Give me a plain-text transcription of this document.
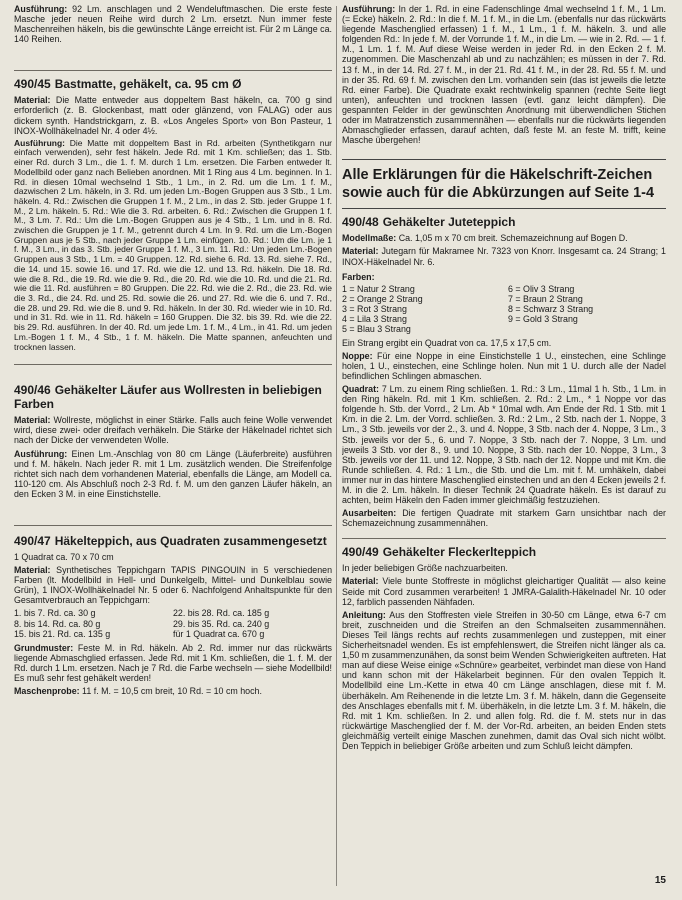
Ausführung: 92 Lm. anschlagen und 2 Wendeluftmaschen. Die erste feste Masche jeder neuen Reihe wird durch 2 Lm. ersetzt. Nun immer feste Maschenreihen häkeln, bis die gewünschte Länge erreicht ist. Für 2 m Länge ca. 140 Reihen.

490/45 Bastmatte, gehäkelt, ca. 95 cm Ø

Material: Die Matte entweder aus doppeltem Bast häkeln, ca. 700 g sind erforderlich (z. B. Glockenbast, matt oder glänzend, von FALAG) oder aus dickem synth. Handstrickgarn, z. B. «Los Angeles Sport» von Bon Pasteur, 1 INOX-Wollhäkelnadel Nr. 4 oder 4½.

Ausführung: Die Matte mit doppeltem Bast in Rd. arbeiten (Synthetikgarn nur einfach verwenden), sehr fest häkeln. Jede Rd. mit 1 Km. schließen; das 1. Stb. einer Rd. durch 3 Lm., die 1. f. M. durch 1 Lm. ersetzen. Die Farben entweder lt. Modellbild oder ganz nach Belieben anordnen. Mit 1 Ring aus 4 Lm. beginnen. In 1. Rd. in diesen 10mal wechselnd 1 Stb., 1 Lm., in 2. Rd. um die Lm. 1 f. M., dazwischen 2 Lm. häkeln, in 3. Rd. um jeden Lm.-Bogen Gruppen aus 3 Stb., 1 Lm. häkeln. 4. Rd.: Zwischen die Gruppen 1 f. M., 2 Lm., in das 2. Stb. jeder Gruppe 1 f. M., 2 Lm. häkeln. 5. Rd.: Wie die 3. Rd. arbeiten. 6. Rd.: Zwischen die Gruppen 1 f. M., 3 Lm. 7. Rd.: Um die Lm.-Bogen Gruppen aus je 4 Stb., 1 Lm. und in 8. Rd. zwischen die Gruppen je 1 f. M., getrennt durch 4 Lm. In 9. Rd. um die Lm.-Bogen Gruppen aus je 5 Stb., nach jeder Gruppe 1 Lm. einfügen. 10. Rd.: Um die Lm. je 1 f. M., 3 Lm., in das 3. Stb. jeder Gruppe 1 f. M., 3 Lm. 11. Rd.: Um jeden Lm.-Bogen Gruppen aus 3 Stb., 1 Lm. = 40 Gruppen. 12. Rd. siehe 6. Rd. 13. Rd. siehe 7. Rd., die 14. und 15. sowie 16. und 17. Rd. wie die 12. und 13. Rd. häkeln. Die 18. Rd. wie die 8. Rd., die 19. Rd. wie die 9. Rd., die 20. Rd. wie die 10. Rd. und die 21. Rd. wie die 11. Rd. ausführen = 80 Gruppen. Die 22. Rd. wie die 2. Rd., die 23. Rd. wie die 3. Rd., die 24. Rd. und 25. Rd. sowie die 26. und 27. Rd. wie die 6. und 7. Rd., die 28. und 29. Rd. wie die 8. und 9. Rd. häkeln. In der 30. Rd. wieder wie in 10. Rd. und in 31. Rd. wie in 11. Rd. häkeln = 160 Gruppen. Die 32. bis 39. Rd. wie die 22. bis 29. Rd. ausführen. In der 40. Rd. um jede Lm. 1 f. M., 4 Lm., in 41. Rd. um jeden Lm.-Bogen 1 f. M., 4 Stb., 1 f. M. häkeln. Die Matte spannen, anfeuchten und trocknen lassen.

490/46 Gehäkelter Läufer aus Wollresten in beliebigen Farben

Material: Wollreste, möglichst in einer Stärke. Falls auch feine Wolle verwendet wird, diese zwei- oder dreifach verhäkeln. Die Stärke der Häkelnadel richtet sich nach der Dicke der verwendeten Wolle.

Ausführung: Einen Lm.-Anschlag von 80 cm Länge (Läuferbreite) ausführen und f. M. häkeln. Nach jeder R. mit 1 Lm. zusätzlich wenden. Die Streifenfolge richtet sich nach dem vorhandenen Material, ebenfalls die Länge, am Modell ca. 110-120 cm. Als Abschluß noch 2-3 Rd. f. M. um den ganzen Läufer häkeln, an den Ecken 3 M. in eine Einstichstelle.

490/47 Häkelteppich, aus Quadraten zusammengesetzt

1 Quadrat ca. 70 x 70 cm

Material: Synthetisches Teppichgarn TAPIS PINGOUIN in 5 verschiedenen Farben (lt. Modellbild in Hell- und Dunkelgelb, Mittel- und Dunkelblau sowie Grün), 1 INOX-Wollhäkelnadel Nr. 5 oder 6. Nachfolgend Anhaltspunkte für den Gesamtverbrauch an Teppichgarn:

1. bis 7. Rd. ca. 30 g	22. bis 28. Rd. ca. 185 g
8. bis 14. Rd. ca. 80 g	29. bis 35. Rd. ca. 240 g
15. bis 21. Rd. ca. 135 g	für 1 Quadrat ca. 670 g

Grundmuster: Feste M. in Rd. häkeln. Ab 2. Rd. immer nur das rückwärts liegende Abmaschglied erfassen. Jede Rd. mit 1 Km. schließen, die 1. f. M. der Rd. durch 1 Lm. ersetzen. Nach je 7 Rd. die Farbe wechseln — siehe Modellbild! Es muß sehr fest gehäkelt werden!

Maschenprobe: 11 f. M. = 10,5 cm breit, 10 Rd. = 10 cm hoch.

Ausführung: In der 1. Rd. in eine Fadenschlinge 4mal wechselnd 1 f. M., 1 Lm. (= Ecke) häkeln. 2. Rd.: In die f. M. 1 f. M., in die Lm. (ebenfalls nur das rückwärts liegende Maschenglied erfassen) 1 f. M., 1 Lm., 1 f. M. häkeln. 3. und alle folgenden Rd.: In jede f. M. der Vorrunde 1 f. M., in die Lm. — wie in 2. Rd. — 1 f. M., 1 Lm. 1 f. M. Auf diese Weise werden in jeder Rd. in den Ecken 2 f. M. zugenommen. Die Maschenzahl ab und zu nachzählen; es müssen in der 7. Rd. 13 f. M., in der 14. Rd. 27 f. M., in der 21. Rd. 41 f. M., in der 28. Rd. 55 f. M. und in der 35. Rd. 69 f. M. zwischen den Lm. vorhanden sein (das ist jeweils die letzte Rd. einer Farbe). Die Quadrate exakt rechtwinkelig spannen (rechte Seite liegt unten), anfeuchten und trocknen lassen (evtl. ganz leicht dämpfen). Die gespannten Felder in der gewünschten Anordnung mit überwendlichen Stichen oder im Matratzenstich zusammennähen — ebenfalls nur die rückwärts liegenden Abmaschglieder erfassen, darauf achten, daß feste M. an feste M. trifft, keine Masche übergehen!

Alle Erklärungen für die Häkelschrift-Zeichen sowie auch für die Abkürzungen auf Seite 1-4
490/48 Gehäkelter Juteteppich

Modellmaße: Ca. 1,05 m x 70 cm breit. Schemazeichnung auf Bogen D.

Material: Jutegarn für Makramee Nr. 7323 von Knorr. Insgesamt ca. 24 Strang; 1 INOX-Häkelnadel Nr. 6.

Farben:

1 = Natur 2 Strang	6 = Oliv 3 Strang
2 = Orange 2 Strang	7 = Braun 2 Strang
3 = Rot 3 Strang	8 = Schwarz 3 Strang
4 = Lila 3 Strang	9 = Gold 3 Strang
5 = Blau 3 Strang

Ein Strang ergibt ein Quadrat von ca. 17,5 x 17,5 cm.

Noppe: Für eine Noppe in eine Einstichstelle 1 U., einstechen, eine Schlinge holen, 1 U., einstechen, eine Schlinge holen. Nun mit 1 U. durch alle der Nadel befindlichen Schlingen abmaschen.

Quadrat: 7 Lm. zu einem Ring schließen. 1. Rd.: 3 Lm., 11mal 1 h. Stb., 1 Lm. in den Ring häkeln. Rd. mit 1 Km. schließen. 2. Rd.: 2 Lm., * 1 Noppe vor das folgende h. Stb. der Vorrd., 2 Lm. Ab * 10mal wdh. Am Ende der Rd. 1 Stb. mit 1 Km. in die 2. Lm. der Vorrd. schließen. 3. Rd.: 2 Lm., 2 Stb. nach der 1. Noppe, 3 Lm., 3 Stb. jeweils vor der 2., 3. und 4. Noppe, 3 Stb. nach der 4. Noppe, 3 Lm., 3 Stb. jeweils vor der 5., 6. und 7. Noppe, 3 Stb. nach der 7. Noppe, 3 Lm. und jeweils 3 Stb. vor der 8., 9. und 10. Noppe, 3 Stb. nach der 10. Noppe, 3 Lm., 3 Stb. jeweils vor der 11. und 12. Noppe, 3 Stb. nach der 12. Noppe und mit Km. die Runde schließen. 4. Rd.: 1 Lm., die Stb. und die Lm. mit f. M. umhäkeln, dabei immer nur in das hintere Maschenglied einstechen und an den 4 Ecken jeweils 2 f. M. in die 2. Lm. häkeln. In dieser Technik 24 Quadrate häkeln. Es ist darauf zu achten, beim Häkeln den Faden immer gleichmäßig festzuziehen.

Ausarbeiten: Die fertigen Quadrate mit starkem Garn unsichtbar nach der Schemazeichnung zusammennähen.

490/49 Gehäkelter Fleckerlteppich

In jeder beliebigen Größe nachzuarbeiten.

Material: Viele bunte Stoffreste in möglichst gleichartiger Qualität — also keine Seide mit Cord zusammen verarbeiten! 1 JMRA-Galalith-Häkelnadel Nr. 10 oder 12, farblich passenden Nähfaden.

Anleitung: Aus den Stoffresten viele Streifen in 30-50 cm Länge, etwa 6-7 cm breit, zuschneiden und die Streifen an den Schmalseiten zusammennähen. Dieses Teil längs rechts auf rechts zusammenlegen und zusteppen, mit einer Sicherheitsnadel wenden. Es ist empfehlenswert, die Streifen nicht länger als ca. 1,50 m zusammenzunähen, da sonst beim Wenden Schwierigkeiten auftreten. Hat man auf diese Weise einige «Schnüre» gearbeitet, verbindet man diese von Hand und kann schon mit der Häkelarbeit beginnen. Für den ovalen Teppich lt. Modellbild eine Lm.-Kette in etwa 40 cm Länge anschlagen, diese mit f. M. überhäkeln. Am Reihenende in die letzte Lm. 3 f. M. häkeln, dann die Gegenseite des Anschlages ebenfalls mit f. M. überhäkeln, in die letzte Lm. 3 f. M. häkeln, die Rd. mit 1 Km. schließen. In 2. und allen folg. Rd. die f. M. stets nur in das rückwärtige Maschenglied der f. M. der Vor-Rd. arbeiten, an beiden Enden stets gleichmäßig verteilt einige Maschen zunehmen, damit das Oval sich nicht wölbt. Den Teppich in beliebiger Größe arbeiten und zum Schluß leicht dämpfen.

15
